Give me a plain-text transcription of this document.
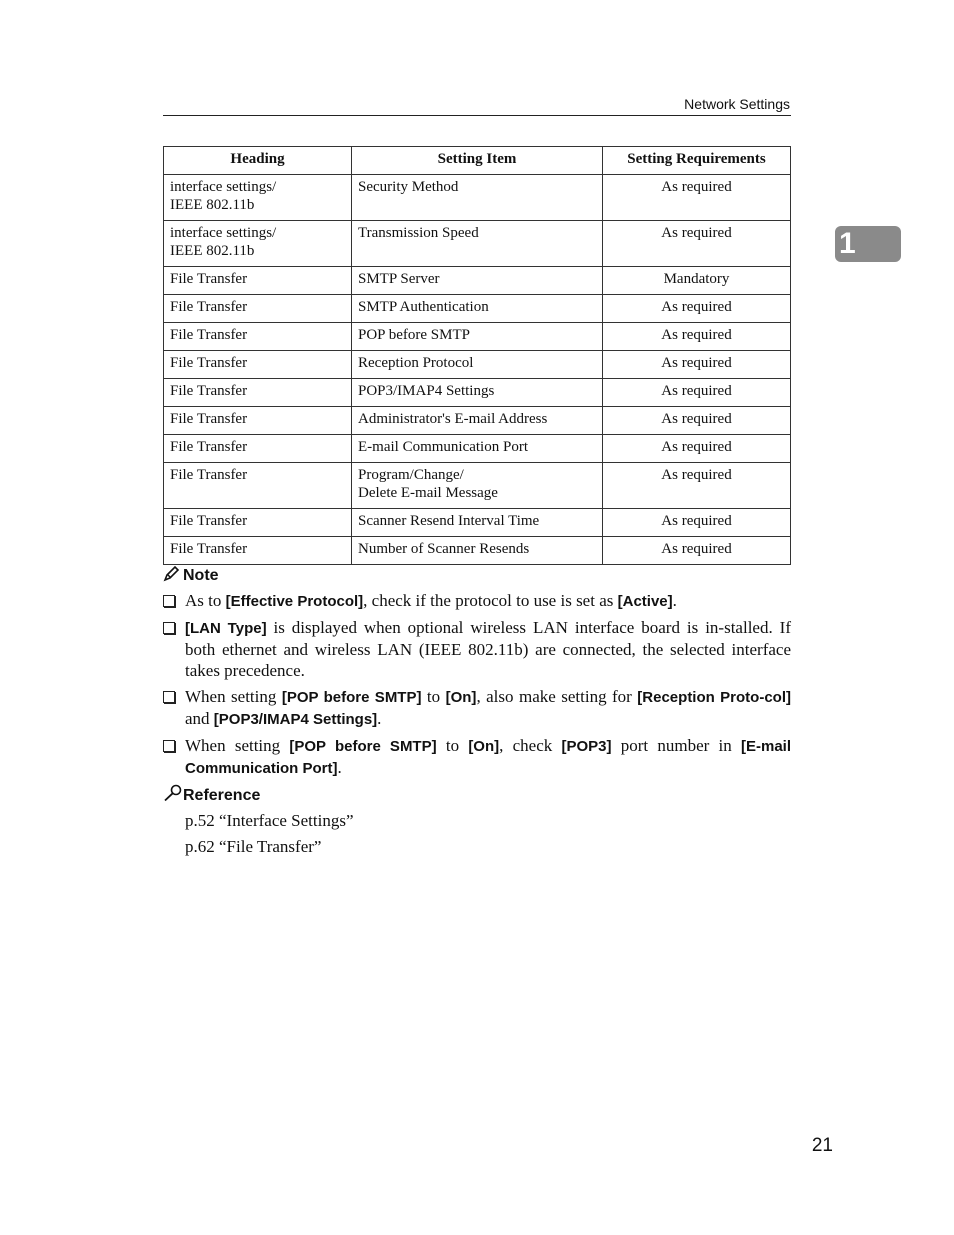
Network Settings
1
Heading	Setting Item	Setting Requirements

interface settings/
IEEE 802.11b	Security Method	As required

interface settings/
IEEE 802.11b	Transmission Speed	As required

File Transfer	SMTP Server	Mandatory

File Transfer	SMTP Authentication	As required

File Transfer	POP before SMTP	As required

File Transfer	Reception Protocol	As required

File Transfer	POP3/IMAP4 Settings	As required

File Transfer	Administrator's E-mail Address	As required

File Transfer	E-mail Communication Port	As required

File Transfer	Program/Change/
Delete E-mail Message	As required

File Transfer	Scanner Resend Interval Time	As required

File Transfer	Number of Scanner Resends	As required
Note
As to [Effective Protocol], check if the protocol to use is set as [Active].
[LAN Type] is displayed when optional wireless LAN interface board is in-stalled. If both ethernet and wireless LAN (IEEE 802.11b) are connected, the selected interface takes precedence.
When setting [POP before SMTP] to [On], also make setting for [Reception Proto-col] and [POP3/IMAP4 Settings].
When setting [POP before SMTP] to [On], check [POP3] port number in [E-mail Communication Port].
Reference
p.52 “Interface Settings”
p.62 “File Transfer”
21
